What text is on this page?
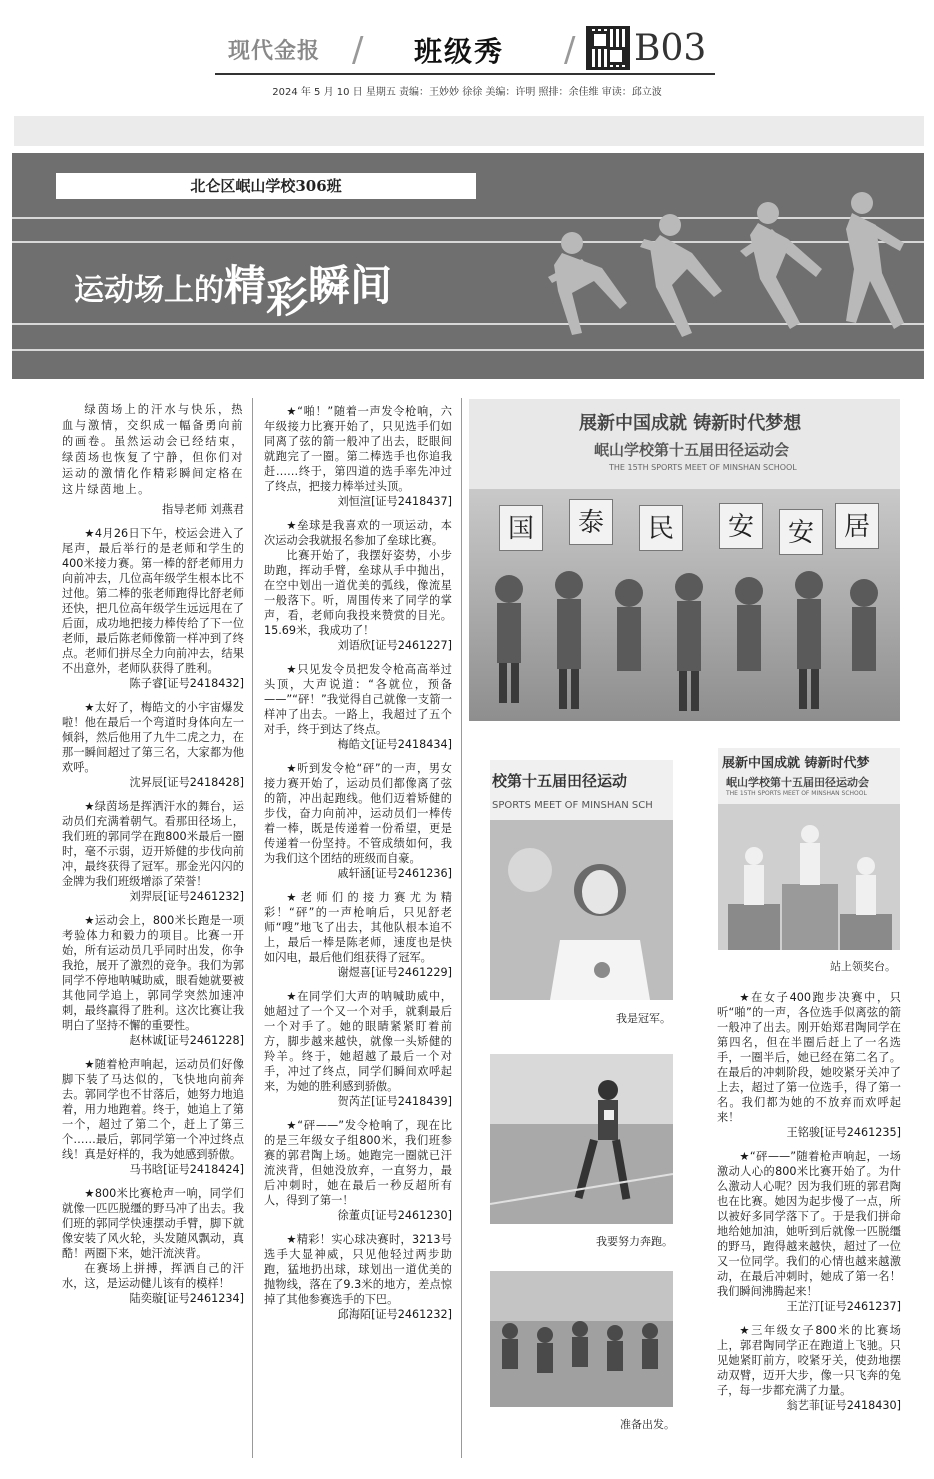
现代金报 / 班级秀 / B03
2024 年 5 月 10 日 星期五 责编：王妙妙 徐徐 美编：许明 照排：余佳维 审读：邱立波
北仑区岷山学校306班
运动场上的精彩瞬间

绿茵场上的汗水与快乐，热血与激情，交织成一幅备勇向前的画卷。虽然运动会已经结束，绿茵场也恢复了宁静，但你们对运动的激情化作精彩瞬间定格在这片绿茵地上。

指导老师 刘燕君

★4月26日下午，校运会进入了尾声，最后举行的是老师和学生的400米接力赛。第一棒的舒老师用力向前冲去，几位高年级学生根本比不过他。第二棒的张老师跑得比舒老师还快，把几位高年级学生远远甩在了后面，成功地把接力棒传给了下一位老师，最后陈老师像箭一样冲到了终点。老师们拼尽全力向前冲去，结果不出意外，老师队获得了胜利。

陈子睿[证号2418432]

★太好了，梅皓文的小宇宙爆发啦！他在最后一个弯道时身体向左一倾斜，然后他用了九牛二虎之力，在那一瞬间超过了第三名，大家都为他欢呼。

沈昇辰[证号2418428]

★绿茵场是挥洒汗水的舞台，运动员们充满着朝气。看那田径场上，我们班的郭同学在跑800米最后一圈时，毫不示弱，迈开矫健的步伐向前冲，最终获得了冠军。那金光闪闪的金牌为我们班级增添了荣誉！

刘羿辰[证号2461232]

★运动会上，800米长跑是一项考验体力和毅力的项目。比赛一开始，所有运动员几乎同时出发，你争我抢，展开了激烈的竞争。我们为郭同学不停地呐喊助威，眼看她就要被其他同学追上，郭同学突然加速冲刺，最终赢得了胜利。这次比赛让我明白了坚持不懈的重要性。

赵林诚[证号2461228]

★随着枪声响起，运动员们好像脚下装了马达似的，飞快地向前奔去。郭同学也不甘落后，她努力地追着，用力地跑着。终于，她追上了第一个，超过了第二个，赶上了第三个……最后，郭同学第一个冲过终点线！真是好样的，我为她感到骄傲。

马书晗[证号2418424]

★800米比赛枪声一响，同学们就像一匹匹脱缰的野马冲了出去。我们班的郭同学快速摆动手臂，脚下就像安装了风火轮，头发随风飘动，真酷！两圈下来，她汗流浃背。

在赛场上拼搏，挥洒自己的汗水，这，是运动健儿该有的模样！

陆奕璇[证号2461234]

★“啪！”随着一声发令枪响，六年级接力比赛开始了，只见选手们如同离了弦的箭一般冲了出去，眨眼间就跑完了一圈。第二棒选手也你追我赶……终于，第四道的选手率先冲过了终点，把接力棒举过头顶。

刘恒渲[证号2418437]

★垒球是我喜欢的一项运动，本次运动会我就报名参加了垒球比赛。

比赛开始了，我摆好姿势，小步助跑，挥动手臂，垒球从手中抛出，在空中划出一道优美的弧线，像流星一般落下。听，周围传来了同学的掌声，看，老师向我投来赞赏的目光。15.69米，我成功了！

刘语欣[证号2461227]

★只见发令员把发令枪高高举过头顶，大声说道：“各就位，预备——”“砰！”我觉得自己就像一支箭一样冲了出去。一路上，我超过了五个对手，终于到达了终点。

梅皓文[证号2418434]

★听到发令枪“砰”的一声，男女接力赛开始了，运动员们都像离了弦的箭，冲出起跑线。他们迈着矫健的步伐，奋力向前冲，运动员们一棒传着一棒，既是传递着一份希望，更是传递着一份坚持。不管成绩如何，我为我们这个团结的班级而自豪。

戚轩涵[证号2461236]

★老师们的接力赛尤为精彩！“砰”的一声枪响后，只见舒老师“嗖”地飞了出去，其他队根本追不上，最后一棒是陈老师，速度也是快如闪电，最后他们组获得了冠军。

谢煜喜[证号2461229]

★在同学们大声的呐喊助威中，她超过了一个又一个对手，就剩最后一个对手了。她的眼睛紧紧盯着前方，脚步越来越快，就像一头矫健的羚羊。终于，她超越了最后一个对手，冲过了终点，同学们瞬间欢呼起来，为她的胜利感到骄傲。

贺芮芷[证号2418439]

★“砰——”发令枪响了，现在比的是三年级女子组800米，我们班参赛的郭君陶上场。她跑完一圈就已汗流浃背，但她没放弃，一直努力，最后冲刺时，她在最后一秒反超所有人，得到了第一！

徐董贞[证号2461230]

★精彩！实心球决赛时，3213号选手大显神威，只见他轻过两步助跑，猛地扔出球，球划出一道优美的抛物线，落在了9.3米的地方，差点惊掉了其他参赛选手的下巴。

邱海陌[证号2461232]

展新中国成就 铸新时代梦想
岷山学校第十五届田径运动会
THE 15TH SPORTS MEET OF MINSHAN SCHOOL
国	泰	民	安	安	居
校第十五届田径运动
SPORTS MEET OF MINSHAN SCH
我是冠军。
我要努力奔跑。
准备出发。
展新中国成就 铸新时代梦
岷山学校第十五届田径运动会
THE 15TH SPORTS MEET OF MINSHAN SCHOOL
站上领奖台。

★在女子400跑步决赛中，只听“啪”的一声，各位选手似离弦的箭一般冲了出去。刚开始郑君陶同学在第四名，但在半圈后赶上了一名选手，一圈半后，她已经在第二名了。在最后的冲刺阶段，她咬紧牙关冲了上去，超过了第一位选手，得了第一名。我们都为她的不放弃而欢呼起来！

王铭骏[证号2461235]

★“砰——”随着枪声响起，一场激动人心的800米比赛开始了。为什么激动人心呢？因为我们班的郭君陶也在比赛。她因为起步慢了一点，所以被好多同学落下了。于是我们拼命地给她加油，她听到后就像一匹脱缰的野马，跑得越来越快，超过了一位又一位同学。我们的心情也越来越激动，在最后冲刺时，她成了第一名！我们瞬间沸腾起来！

王芷汀[证号2461237]

★三年级女子800米的比赛场上，郭君陶同学正在跑道上飞驰。只见她紧盯前方，咬紧牙关，使劲地摆动双臂，迈开大步，像一只飞奔的兔子，每一步都充满了力量。

翁艺菲[证号2418430]
